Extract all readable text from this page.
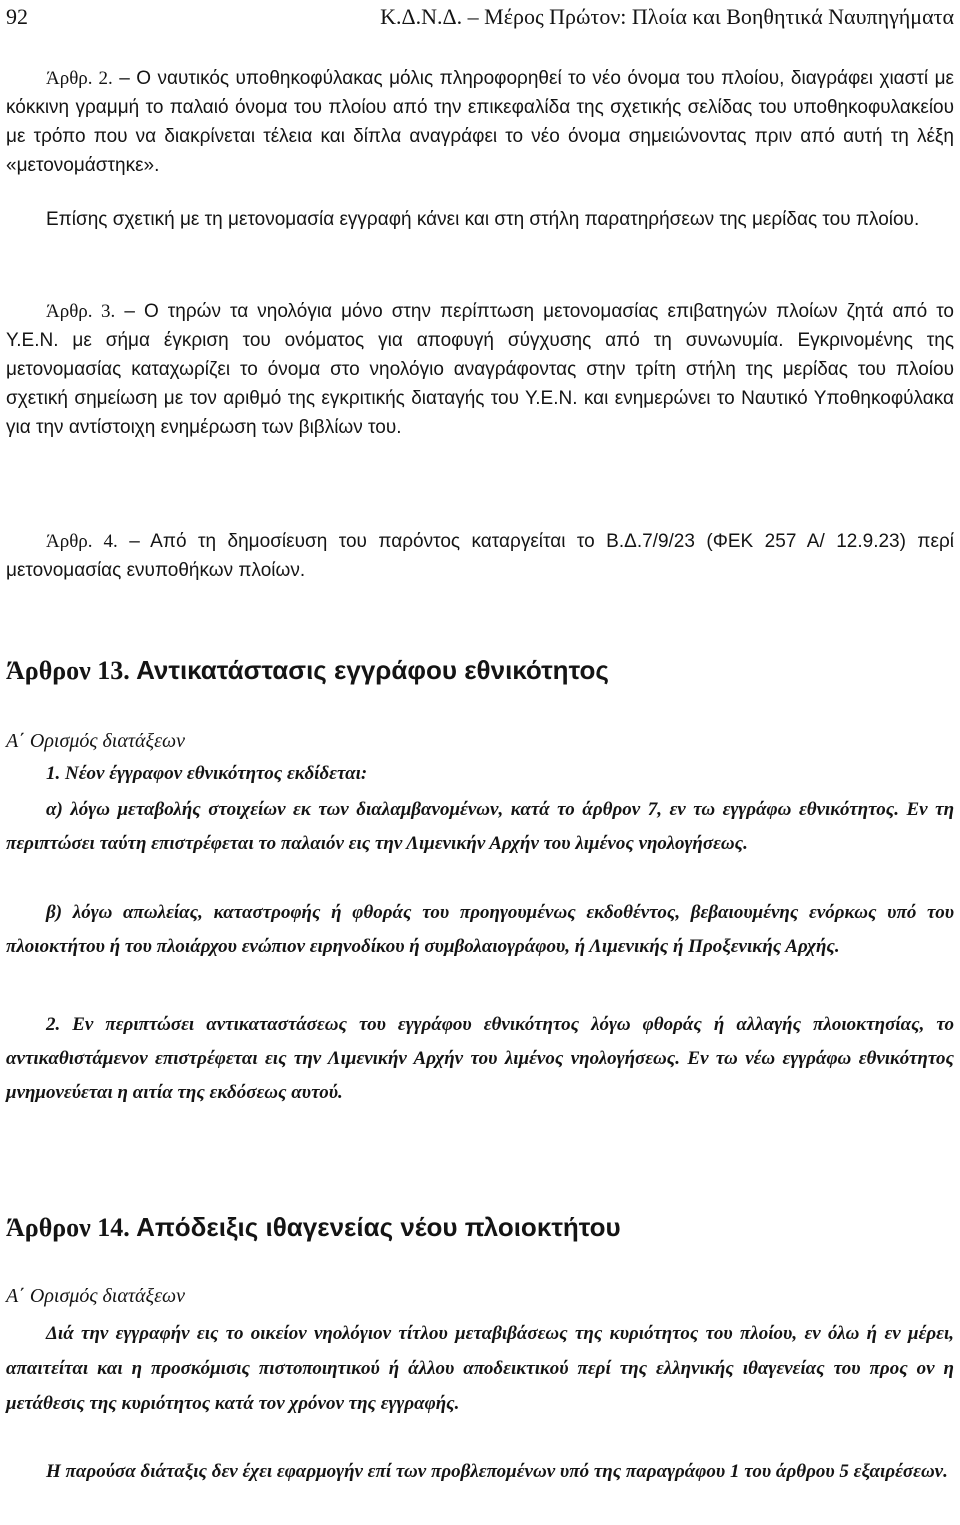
92	Κ.Δ.Ν.Δ. – Μέρος Πρώτον: Πλοία και Βοηθητικά Ναυπηγήματα

Άρθρ. 2. – Ο ναυτικός υποθηκοφύλακας μόλις πληροφορηθεί το νέο όνομα του πλοίου, διαγράφει χιαστί με κόκκινη γραμμή το παλαιό όνομα του πλοίου από την επικεφαλίδα της σχετικής σελίδας του υποθηκοφυλακείου με τρόπο που να διακρίνεται τέλεια και δίπλα αναγράφει το νέο όνομα σημειώνοντας πριν από αυτή τη λέξη «μετονομάστηκε».

Επίσης σχετική με τη μετονομασία εγγραφή κάνει και στη στήλη παρατηρήσεων της μερίδας του πλοίου.

Άρθρ. 3. – Ο τηρών τα νηολόγια μόνο στην περίπτωση μετονομασίας επιβατηγών πλοίων ζητά από το Υ.Ε.Ν. με σήμα έγκριση του ονόματος για αποφυγή σύγχυσης από τη συνωνυμία. Εγκρινομένης της μετονομασίας καταχωρίζει το όνομα στο νηολόγιο αναγράφοντας στην τρίτη στήλη της μερίδας του πλοίου σχετική σημείωση με τον αριθμό της εγκριτικής διαταγής του Υ.Ε.Ν. και ενημερώνει το Ναυτικό Υποθηκοφύλακα για την αντίστοιχη ενημέρωση των βιβλίων του.

Άρθρ. 4. – Από τη δημοσίευση του παρόντος καταργείται το Β.Δ.7/9/23 (ΦΕΚ 257 Α/ 12.9.23) περί μετονομασίας ενυποθήκων πλοίων.

Άρθρον 13. Αντικατάστασις εγγράφου εθνικότητος

Α΄ Ορισμός διατάξεων

1. Νέον έγγραφον εθνικότητος εκδίδεται:

α) λόγω μεταβολής στοιχείων εκ των διαλαμβανομένων, κατά το άρθρον 7, εν τω εγγράφω εθνικότητος. Εν τη περιπτώσει ταύτη επιστρέφεται το παλαιόν εις την Λιμενικήν Αρχήν του λιμένος νηολογήσεως.

β) λόγω απωλείας, καταστροφής ή φθοράς του προηγουμένως εκδοθέντος, βεβαιουμένης ενόρκως υπό του πλοιοκτήτου ή του πλοιάρχου ενώπιον ειρηνοδίκου ή συμβολαιογράφου, ή Λιμενικής ή Προξενικής Αρχής.

2. Εν περιπτώσει αντικαταστάσεως του εγγράφου εθνικότητος λόγω φθοράς ή αλλαγής πλοιοκτησίας, το αντικαθιστάμενον επιστρέφεται εις την Λιμενικήν Αρχήν του λιμένος νηολογήσεως. Εν τω νέω εγγράφω εθνικότητος μνημονεύεται η αιτία της εκδόσεως αυτού.

Άρθρον 14. Απόδειξις ιθαγενείας νέου πλοιοκτήτου

Α΄ Ορισμός διατάξεων

Διά την εγγραφήν εις το οικείον νηολόγιον τίτλου μεταβιβάσεως της κυριότητος του πλοίου, εν όλω ή εν μέρει, απαιτείται και η προσκόμισις πιστοποιητικού ή άλλου αποδεικτικού περί της ελληνικής ιθαγενείας του προς ον η μετάθεσις της κυριότητος κατά τον χρόνον της εγγραφής.

Η παρούσα διάταξις δεν έχει εφαρμογήν επί των προβλεπομένων υπό της παραγράφου 1 του άρθρου 5 εξαιρέσεων.
